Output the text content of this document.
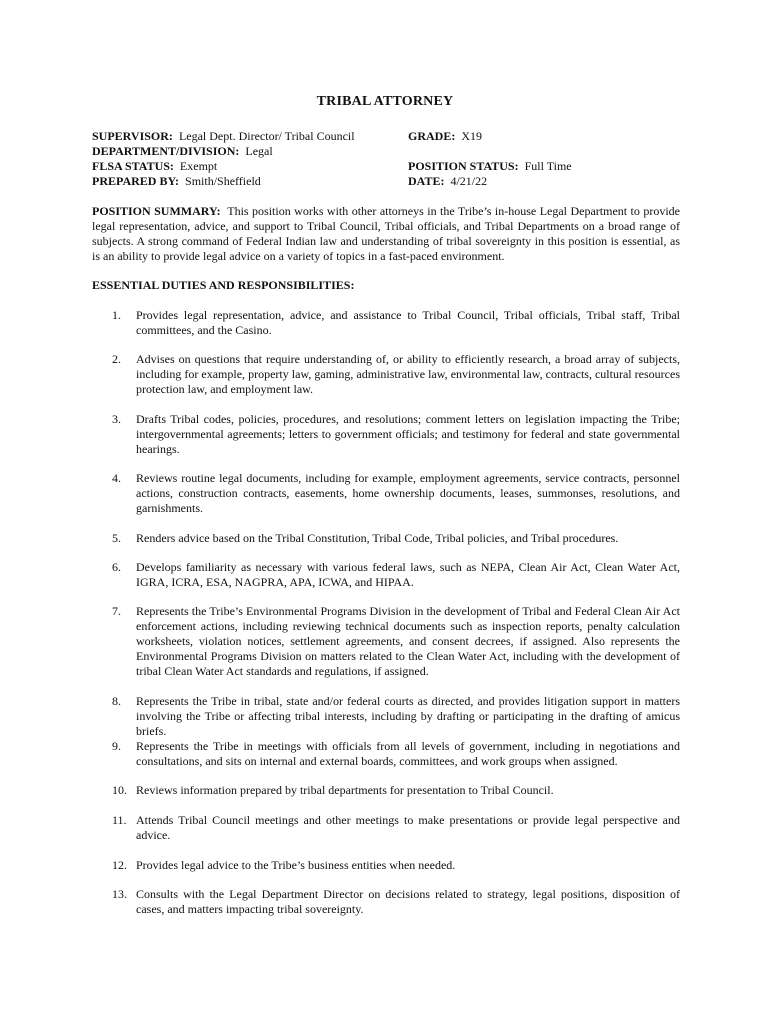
TRIBAL ATTORNEY
SUPERVISOR: Legal Dept. Director/ Tribal Council	GRADE: X19
DEPARTMENT/DIVISION: Legal
FLSA STATUS: Exempt	POSITION STATUS: Full Time
PREPARED BY: Smith/Sheffield	DATE: 4/21/22
POSITION SUMMARY: This position works with other attorneys in the Tribe’s in-house Legal Department to provide legal representation, advice, and support to Tribal Council, Tribal officials, and Tribal Departments on a broad range of subjects. A strong command of Federal Indian law and understanding of tribal sovereignty in this position is essential, as is an ability to provide legal advice on a variety of topics in a fast-paced environment.
ESSENTIAL DUTIES AND RESPONSIBILITIES:
1.	Provides legal representation, advice, and assistance to Tribal Council, Tribal officials, Tribal staff, Tribal committees, and the Casino.
2.	Advises on questions that require understanding of, or ability to efficiently research, a broad array of subjects, including for example, property law, gaming, administrative law, environmental law, contracts, cultural resources protection law, and employment law.
3.	Drafts Tribal codes, policies, procedures, and resolutions; comment letters on legislation impacting the Tribe; intergovernmental agreements; letters to government officials; and testimony for federal and state governmental hearings.
4.	Reviews routine legal documents, including for example, employment agreements, service contracts, personnel actions, construction contracts, easements, home ownership documents, leases, summonses, resolutions, and garnishments.
5.	Renders advice based on the Tribal Constitution, Tribal Code, Tribal policies, and Tribal procedures.
6.	Develops familiarity as necessary with various federal laws, such as NEPA, Clean Air Act, Clean Water Act, IGRA, ICRA, ESA, NAGPRA, APA, ICWA, and HIPAA.
7.	Represents the Tribe’s Environmental Programs Division in the development of Tribal and Federal Clean Air Act enforcement actions, including reviewing technical documents such as inspection reports, penalty calculation worksheets, violation notices, settlement agreements, and consent decrees, if assigned. Also represents the Environmental Programs Division on matters related to the Clean Water Act, including with the development of tribal Clean Water Act standards and regulations, if assigned.
8.	Represents the Tribe in tribal, state and/or federal courts as directed, and provides litigation support in matters involving the Tribe or affecting tribal interests, including by drafting or participating in the drafting of amicus briefs.
9.	Represents the Tribe in meetings with officials from all levels of government, including in negotiations and consultations, and sits on internal and external boards, committees, and work groups when assigned.
10. Reviews information prepared by tribal departments for presentation to Tribal Council.
11. Attends Tribal Council meetings and other meetings to make presentations or provide legal perspective and advice.
12. Provides legal advice to the Tribe’s business entities when needed.
13. Consults with the Legal Department Director on decisions related to strategy, legal positions, disposition of cases, and matters impacting tribal sovereignty.
